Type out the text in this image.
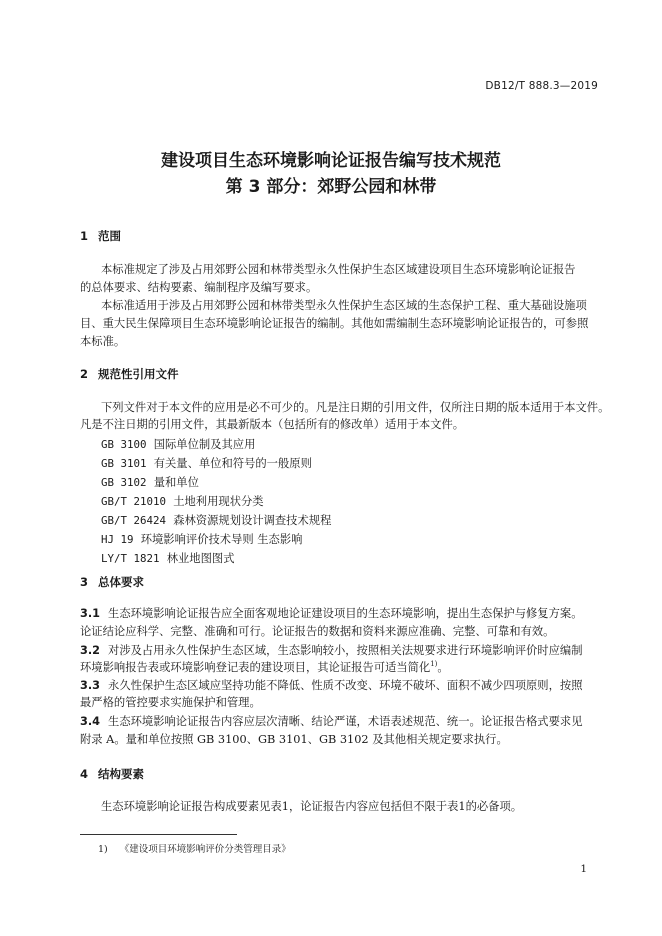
DB12/T 888.3—2019
建设项目生态环境影响论证报告编写技术规范
第 3 部分：郊野公园和林带
1 范围
本标准规定了涉及占用郊野公园和林带类型永久性保护生态区域建设项目生态环境影响论证报告
的总体要求、结构要素、编制程序及编写要求。
本标准适用于涉及占用郊野公园和林带类型永久性保护生态区域的生态保护工程、重大基础设施项
目、重大民生保障项目生态环境影响论证报告的编制。其他如需编制生态环境影响论证报告的，可参照
本标准。
2 规范性引用文件
下列文件对于本文件的应用是必不可少的。凡是注日期的引用文件，仅所注日期的版本适用于本文件。
凡是不注日期的引用文件，其最新版本（包括所有的修改单）适用于本文件。
GB 3100 国际单位制及其应用
GB 3101 有关量、单位和符号的一般原则
GB 3102 量和单位
GB/T 21010 土地利用现状分类
GB/T 26424 森林资源规划设计调查技术规程
HJ 19 环境影响评价技术导则 生态影响
LY/T 1821 林业地图图式
3 总体要求
3.1 生态环境影响论证报告应全面客观地论证建设项目的生态环境影响，提出生态保护与修复方案。
论证结论应科学、完整、准确和可行。论证报告的数据和资料来源应准确、完整、可靠和有效。
3.2 对涉及占用永久性保护生态区域，生态影响较小，按照相关法规要求进行环境影响评价时应编制
环境影响报告表或环境影响登记表的建设项目，其论证报告可适当简化$^{1)}$。
3.3 永久性保护生态区域应坚持功能不降低、性质不改变、环境不破坏、面积不减少四项原则，按照
最严格的管控要求实施保护和管理。
3.4 生态环境影响论证报告内容应层次清晰、结论严谨，术语表述规范、统一。论证报告格式要求见
附录 A。量和单位按照 GB 3100、GB 3101、GB 3102 及其他相关规定要求执行。
4 结构要素
生态环境影响论证报告构成要素见表1，论证报告内容应包括但不限于表1的必备项。
1) 《建设项目环境影响评价分类管理目录》
1
